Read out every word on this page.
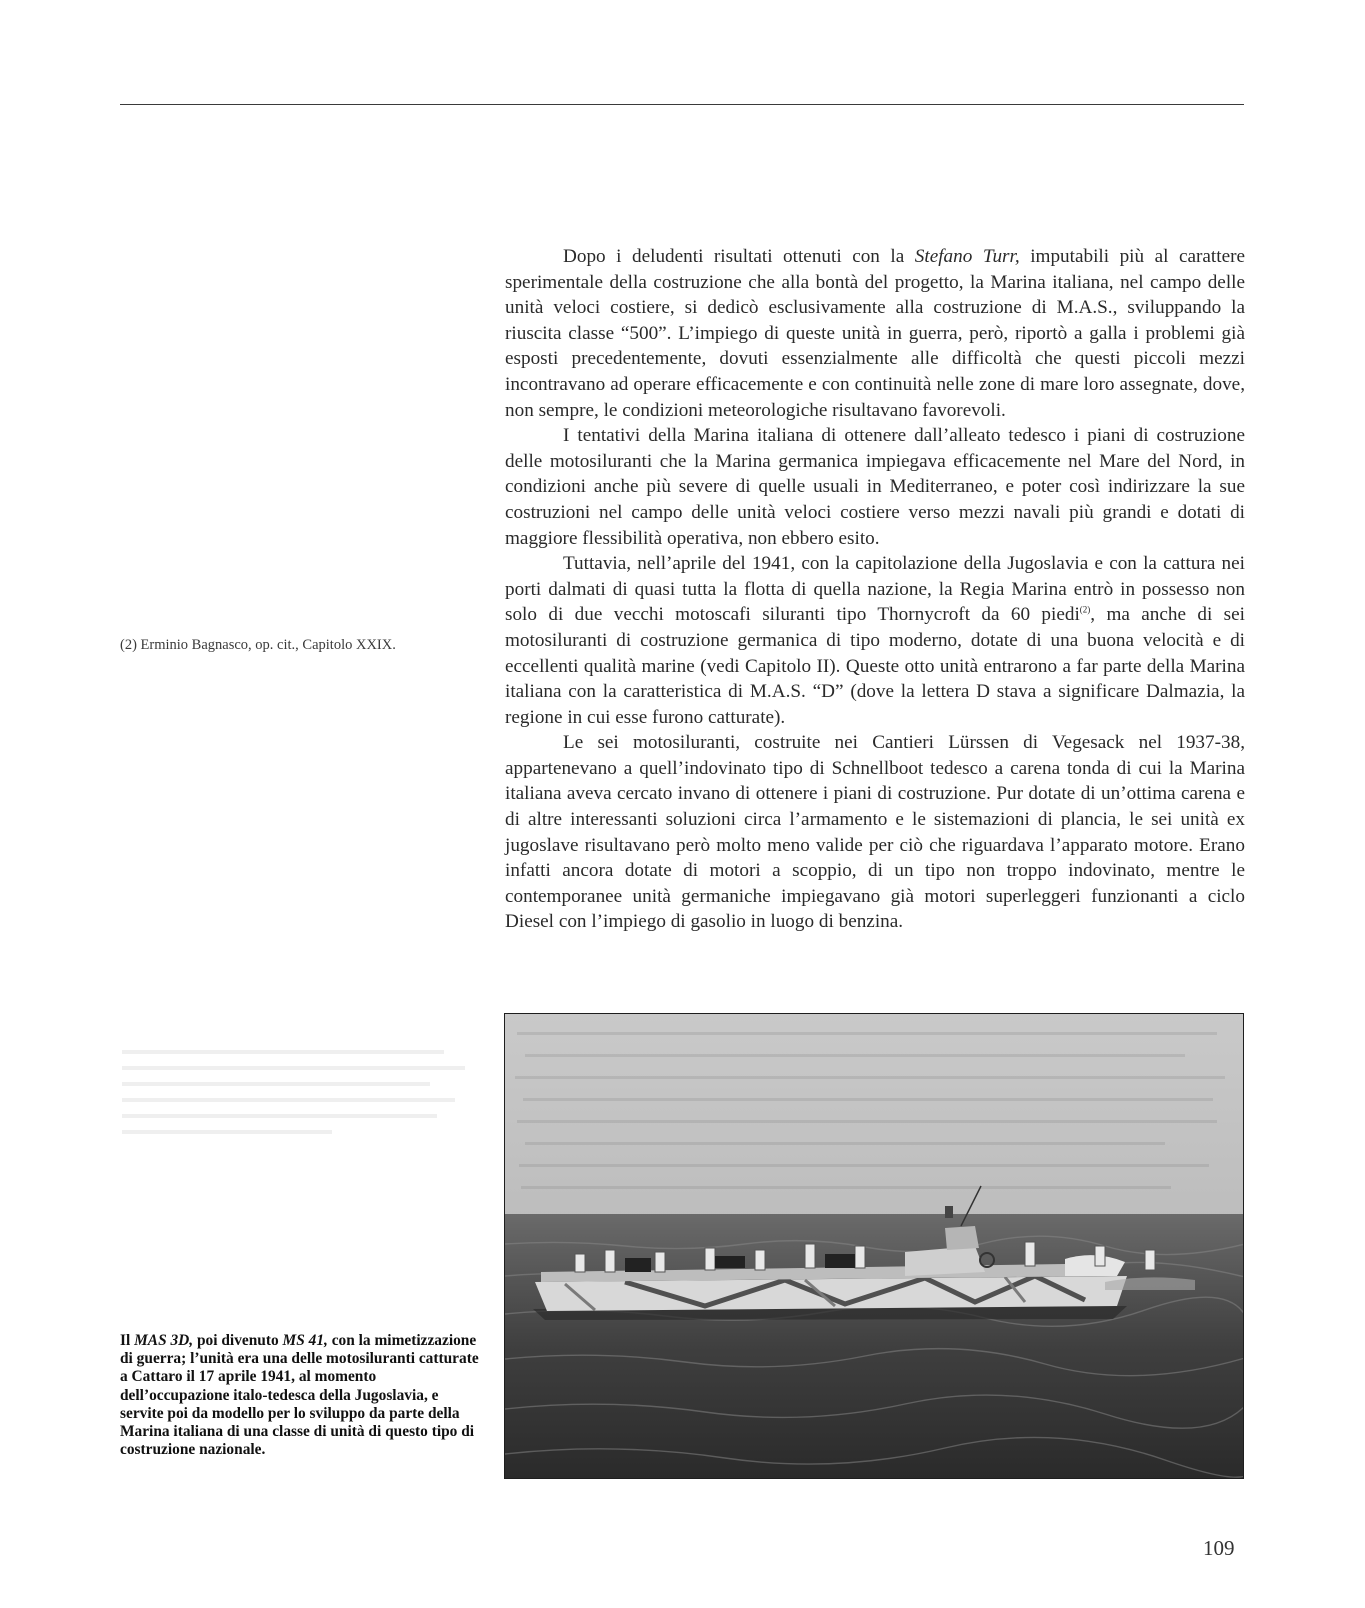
Dopo i deludenti risultati ottenuti con la Stefano Turr, imputabili più al carattere sperimentale della costruzione che alla bontà del progetto, la Marina italiana, nel campo delle unità veloci costiere, si dedicò esclusivamente alla costruzione di M.A.S., sviluppando la riuscita classe “500”. L’impiego di queste unità in guerra, però, riportò a galla i problemi già esposti precedentemente, dovuti essenzialmente alle difficoltà che questi piccoli mezzi incontravano ad operare efficacemente e con continuità nelle zone di mare loro assegnate, dove, non sempre, le condizioni meteorologiche risultavano favorevoli.

I tentativi della Marina italiana di ottenere dall’alleato tedesco i piani di costruzione delle motosiluranti che la Marina germanica impiegava efficacemente nel Mare del Nord, in condizioni anche più severe di quelle usuali in Mediterraneo, e poter così indirizzare la sue costruzioni nel campo delle unità veloci costiere verso mezzi navali più grandi e dotati di maggiore flessibilità operativa, non ebbero esito.

Tuttavia, nell’aprile del 1941, con la capitolazione della Jugoslavia e con la cattura nei porti dalmati di quasi tutta la flotta di quella nazione, la Regia Marina entrò in possesso non solo di due vecchi motoscafi siluranti tipo Thornycroft da 60 piedi$^{(2)}$, ma anche di sei motosiluranti di costruzione germanica di tipo moderno, dotate di una buona velocità e di eccellenti qualità marine (vedi Capitolo II). Queste otto unità entrarono a far parte della Marina italiana con la caratteristica di M.A.S. “D” (dove la lettera D stava a significare Dalmazia, la regione in cui esse furono catturate).

Le sei motosiluranti, costruite nei Cantieri Lürssen di Vegesack nel 1937-38, appartenevano a quell’indovinato tipo di Schnellboot tedesco a carena tonda di cui la Marina italiana aveva cercato invano di ottenere i piani di costruzione. Pur dotate di un’ottima carena e di altre interessanti soluzioni circa l’armamento e le sistemazioni di plancia, le sei unità ex jugoslave risultavano però molto meno valide per ciò che riguardava l’apparato motore. Erano infatti ancora dotate di motori a scoppio, di un tipo non troppo indovinato, mentre le contemporanee unità germaniche impiegavano già motori superleggeri funzionanti a ciclo Diesel con l’impiego di gasolio in luogo di benzina.

(2) Erminio Bagnasco, op. cit., Capitolo XXIX.
Il MAS 3D, poi divenuto MS 41, con la mimetizzazione di guerra; l’unità era una delle motosiluranti catturate a Cattaro il 17 aprile 1941, al momento dell’occupazione italo-tedesca della Jugoslavia, e servite poi da modello per lo sviluppo da parte della Marina italiana di una classe di unità di questo tipo di costruzione nazionale.
109
